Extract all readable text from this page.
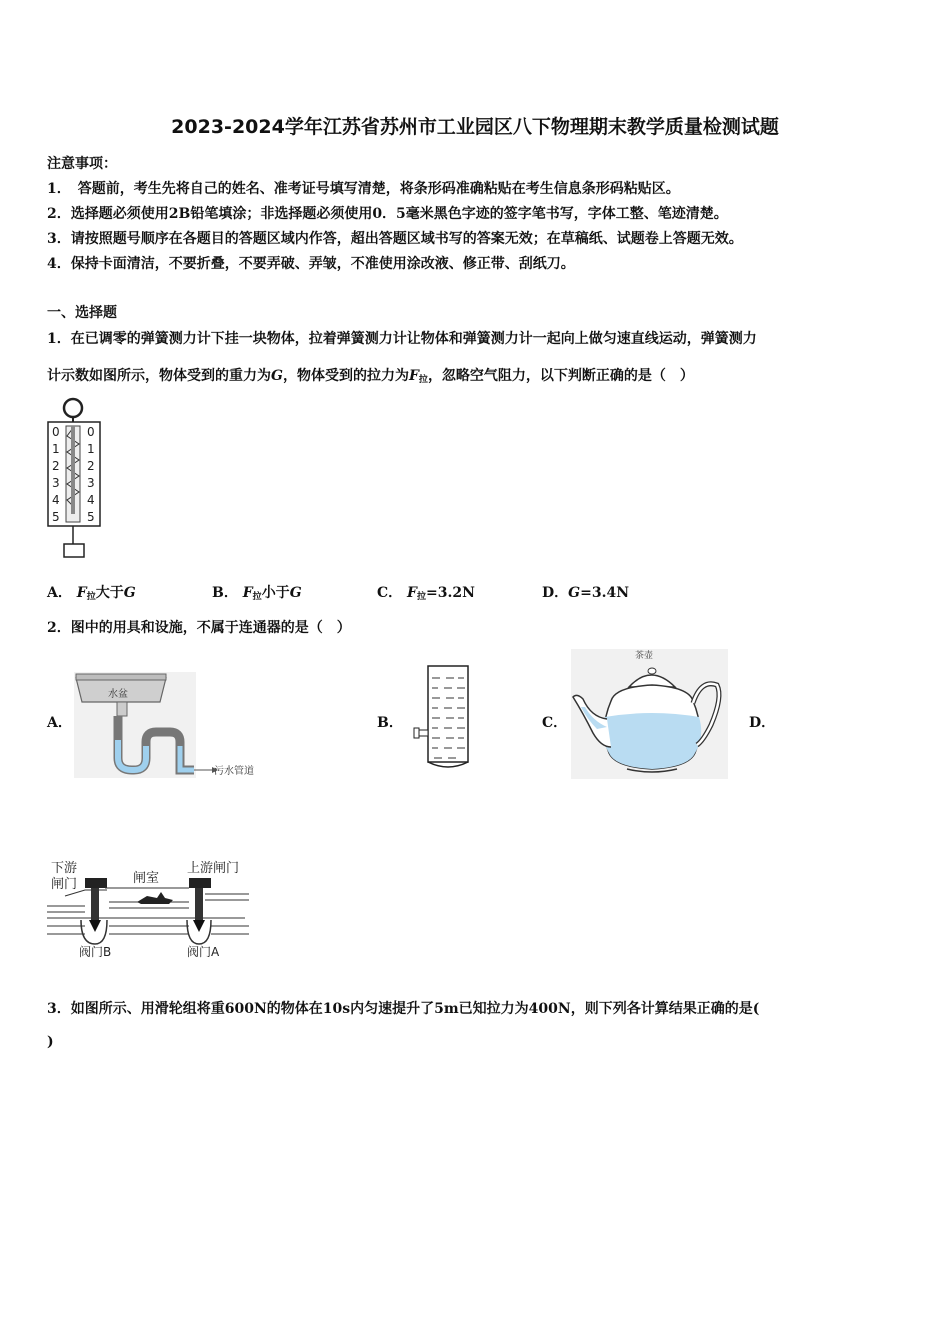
2023-2024学年江苏省苏州市工业园区八下物理期末教学质量检测试题
注意事项：
1．　答题前，考生先将自己的姓名、准考证号填写清楚，将条形码准确粘贴在考生信息条形码粘贴区。
2．选择题必须使用2B铅笔填涂；非选择题必须使用0．5毫米黑色字迹的签字笔书写，字体工整、笔迹清楚。
3．请按照题号顺序在各题目的答题区域内作答，超出答题区域书写的答案无效；在草稿纸、试题卷上答题无效。
4．保持卡面清洁，不要折叠，不要弄破、弄皱，不准使用涂改液、修正带、刮纸刀。
一、选择题
1．在已调零的弹簧测力计下挂一块物体，拉着弹簧测力计让物体和弹簧测力计一起向上做匀速直线运动，弹簧测力
计示数如图所示，物体受到的重力为G，物体受到的拉力为$F_拉$，忽略空气阻力，以下判断正确的是（　）
0
1
2
3
4
5
0
1
2
3
4
5
A． $F_拉$大于G	B． $F_拉$小于G	C． $F_拉=3.2N$	D．G=3.4N
2．图中的用具和设施，不属于连通器的是（　）
A．	B．	C．	D．
水盆
污水管道
茶壶
下游
闸门	闸室
上游闸门
阀门B	阀门A
3．如图所示、用滑轮组将重600N的物体在10s内匀速提升了5m已知拉力为400N，则下列各计算结果正确的是(
)
